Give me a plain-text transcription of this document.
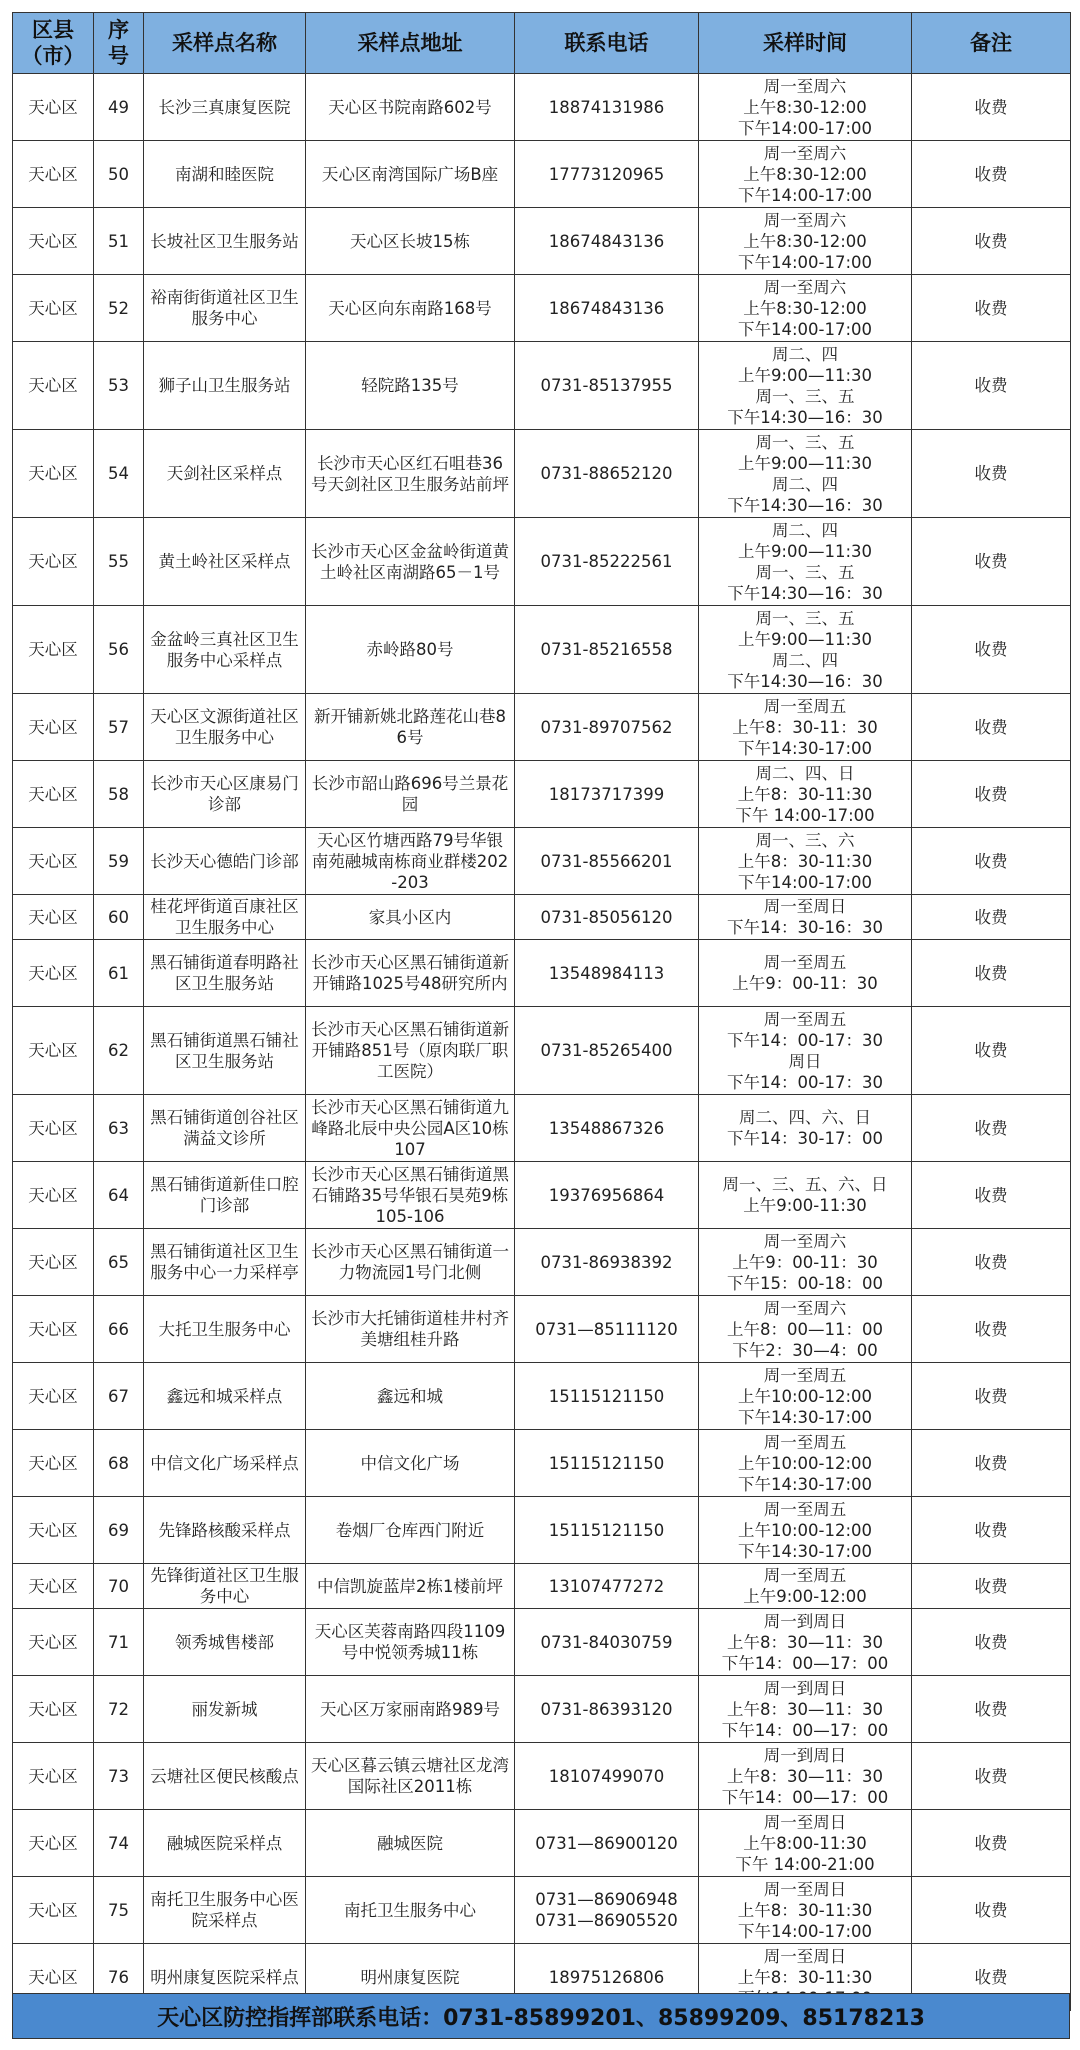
区县（市）	序号	采样点名称	采样点地址	联系电话	采样时间	备注
天心区	49	长沙三真康复医院	天心区书院南路602号	18874131986	周一至周六
上午8:30-12:00
下午14:00-17:00	收费
天心区	50	南湖和睦医院	天心区南湾国际广场B座	17773120965	周一至周六
上午8:30-12:00
下午14:00-17:00	收费
天心区	51	长坡社区卫生服务站	天心区长坡15栋	18674843136	周一至周六
上午8:30-12:00
下午14:00-17:00	收费
天心区	52	裕南街街道社区卫生服务中心	天心区向东南路168号	18674843136	周一至周六
上午8:30-12:00
下午14:00-17:00	收费
天心区	53	狮子山卫生服务站	轻院路135号	0731-85137955	周二、四
上午9:00—11:30
周一、三、五
下午14:30—16：30	收费
天心区	54	天剑社区采样点	长沙市天心区红石咀巷36号天剑社区卫生服务站前坪	0731-88652120	周一、三、五
上午9:00—11:30
周二、四
下午14:30—16：30	收费
天心区	55	黄土岭社区采样点	长沙市天心区金盆岭街道黄土岭社区南湖路65－1号	0731-85222561	周二、四
上午9:00—11:30
周一、三、五
下午14:30—16：30	收费
天心区	56	金盆岭三真社区卫生服务中心采样点	赤岭路80号	0731-85216558	周一、三、五
上午9:00—11:30
周二、四
下午14:30—16：30	收费
天心区	57	天心区文源街道社区卫生服务中心	新开铺新姚北路莲花山巷86号	0731-89707562	周一至周五
上午8：30-11：30
下午14:30-17:00	收费
天心区	58	长沙市天心区康易门诊部	长沙市韶山路696号兰景花园	18173717399	周二、四、日
上午8：30-11:30
下午 14:00-17:00	收费
天心区	59	长沙天心德皓门诊部	天心区竹塘西路79号华银南苑融城南栋商业群楼202-203	0731-85566201	周一、三、六
上午8：30-11:30
下午14:00-17:00	收费
天心区	60	桂花坪街道百康社区卫生服务中心	家具小区内	0731-85056120	周一至周日
下午14：30-16：30	收费
天心区	61	黑石铺街道春明路社区卫生服务站	长沙市天心区黑石铺街道新开铺路1025号48研究所内	13548984113	周一至周五
上午9：00-11：30	收费
天心区	62	黑石铺街道黑石铺社区卫生服务站	长沙市天心区黑石铺街道新开铺路851号（原肉联厂职工医院）	0731-85265400	周一至周五
下午14：00-17：30
周日
下午14：00-17：30	收费
天心区	63	黑石铺街道创谷社区满益文诊所	长沙市天心区黑石铺街道九峰路北辰中央公园A区10栋107	13548867326	周二、四、六、日
下午14：30-17：00	收费
天心区	64	黑石铺街道新佳口腔门诊部	长沙市天心区黑石铺街道黑石铺路35号华银石昊苑9栋105-106	19376956864	周一、三、五、六、日
上午9:00-11:30	收费
天心区	65	黑石铺街道社区卫生服务中心一力采样亭	长沙市天心区黑石铺街道一力物流园1号门北侧	0731-86938392	周一至周六
上午9：00-11：30
下午15：00-18：00	收费
天心区	66	大托卫生服务中心	长沙市大托铺街道桂井村齐美塘组桂升路	0731—85111120	周一至周六
上午8：00—11：00
下午2：30—4：00	收费
天心区	67	鑫远和城采样点	鑫远和城	15115121150	周一至周五
上午10:00-12:00
下午14:30-17:00	收费
天心区	68	中信文化广场采样点	中信文化广场	15115121150	周一至周五
上午10:00-12:00
下午14:30-17:00	收费
天心区	69	先锋路核酸采样点	卷烟厂仓库西门附近	15115121150	周一至周五
上午10:00-12:00
下午14:30-17:00	收费
天心区	70	先锋街道社区卫生服务中心	中信凯旋蓝岸2栋1楼前坪	13107477272	周一至周五
上午9:00-12:00	收费
天心区	71	领秀城售楼部	天心区芙蓉南路四段1109号中悦领秀城11栋	0731-84030759	周一到周日
上午8：30—11：30
下午14：00—17：00	收费
天心区	72	丽发新城	天心区万家丽南路989号	0731-86393120	周一到周日
上午8：30—11：30
下午14：00—17：00	收费
天心区	73	云塘社区便民核酸点	天心区暮云镇云塘社区龙湾国际社区2011栋	18107499070	周一到周日
上午8：30—11：30
下午14：00—17：00	收费
天心区	74	融城医院采样点	融城医院	0731—86900120	周一至周日
上午8:00-11:30
下午 14:00-21:00	收费
天心区	75	南托卫生服务中心医院采样点	南托卫生服务中心	0731—86906948
0731—86905520	周一至周日
上午8：30-11:30
下午14:00-17:00	收费
天心区	76	明州康复医院采样点	明州康复医院	18975126806	周一至周日
上午8：30-11:30	收费
天心区防控指挥部联系电话：0731-85899201、85899209、85178213
